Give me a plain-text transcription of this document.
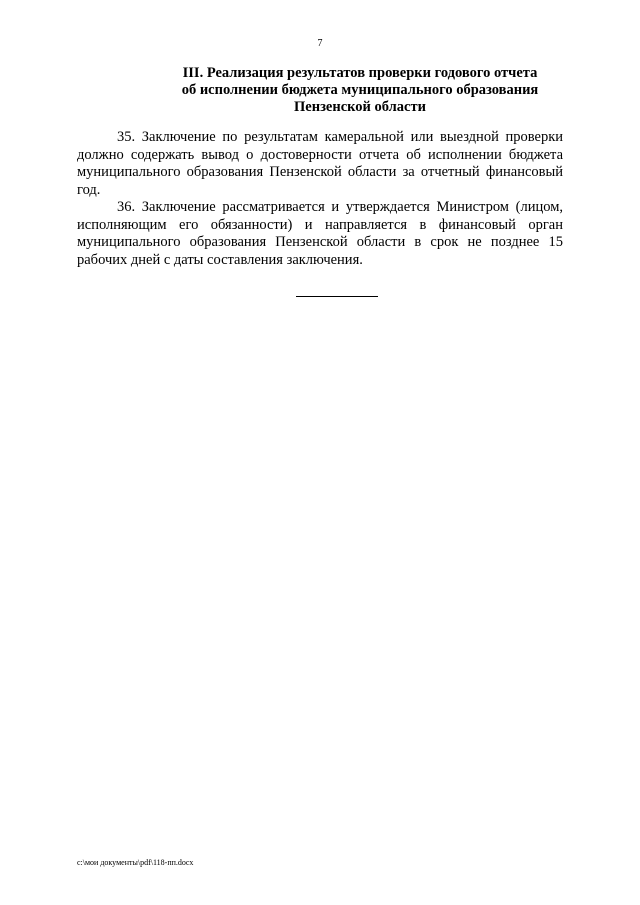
7
III. Реализация результатов проверки годового отчета
об исполнении бюджета муниципального образования
Пензенской области

35. Заключение по результатам камеральной или выездной проверки должно содержать вывод о достоверности отчета об исполнении бюджета муниципального образования Пензенской области за отчетный финансовый год.

36. Заключение рассматривается и утверждается Министром (лицом, исполняющим его обязанности) и направляется в финансовый орган муниципального образования Пензенской области в срок не позднее 15 рабочих дней с даты составления заключения.

c:\мои документы\pdf\118-пп.docx
